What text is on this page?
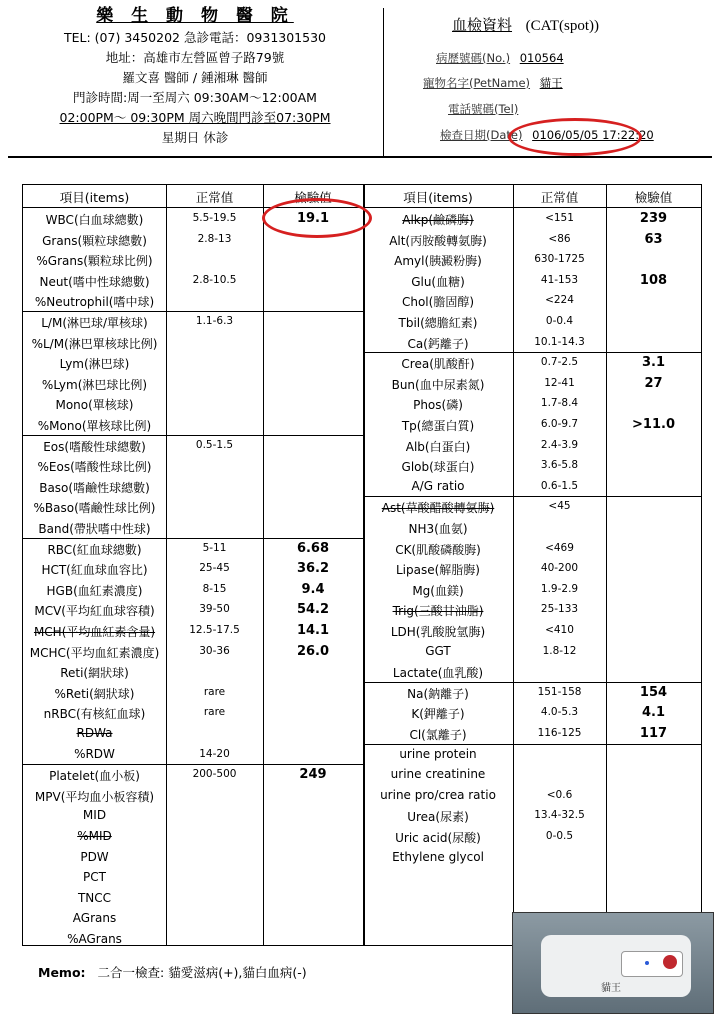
樂 生 動 物 醫 院
TEL: (07) 3450202 急診電話：0931301530
地址：高雄市左營區曾子路79號
羅文喜 醫師 / 鍾湘琳 醫師
門診時間:周一至周六 09:30AM～12:00AM
02:00PM～ 09:30PM 周六晚間門診至07:30PM
星期日 休診
血檢資料 (CAT(spot))
病歷號碼(No.) 010564
寵物名字(PetName) 貓王
電話號碼(Tel)
檢查日期(Date) 0106/05/05 17:22:20
項目(items)	正常值	檢驗值	項目(items)	正常值	檢驗值
WBC(白血球總數)	5.5-19.5	19.1
Grans(顆粒球總數)	2.8-13
%Grans(顆粒球比例)
Neut(嗜中性球總數)	2.8-10.5
%Neutrophil(嗜中球)
L/M(淋巴球/單核球)	1.1-6.3
%L/M(淋巴單核球比例)
Lym(淋巴球)
%Lym(淋巴球比例)
Mono(單核球)
%Mono(單核球比例)
Eos(嗜酸性球總數)	0.5-1.5
%Eos(嗜酸性球比例)
Baso(嗜鹼性球總數)
%Baso(嗜鹼性球比例)
Band(帶狀嗜中性球)
RBC(紅血球總數)	5-11	6.68
HCT(紅血球血容比)	25-45	36.2
HGB(血紅素濃度)	8-15	9.4
MCV(平均紅血球容積)	39-50	54.2
MCH(平均血紅素含量)	12.5-17.5	14.1
MCHC(平均血紅素濃度)	30-36	26.0
Reti(網狀球)
%Reti(網狀球)	rare
nRBC(有核紅血球)	rare
RDWa
%RDW	14-20
Platelet(血小板)	200-500	249
MPV(平均血小板容積)
MID
%MID
PDW
PCT
TNCC
AGrans
%AGrans
Alkp(鹼磷脢)	<151	239
Alt(丙胺酸轉氨脢)	<86	63
Amyl(胰澱粉脢)	630-1725
Glu(血糖)	41-153	108
Chol(膽固醇)	<224
Tbil(總膽紅素)	0-0.4
Ca(鈣離子)	10.1-14.3
Crea(肌酸酐)	0.7-2.5	3.1
Bun(血中尿素氮)	12-41	27
Phos(磷)	1.7-8.4
Tp(總蛋白質)	6.0-9.7	>11.0
Alb(白蛋白)	2.4-3.9
Glob(球蛋白)	3.6-5.8
A/G ratio	0.6-1.5
Ast(草酸醋酸轉氨脢)	<45
NH3(血氨)
CK(肌酸磷酸脢)	<469
Lipase(解脂脢)	40-200
Mg(血鎂)	1.9-2.9
Trig(三酸甘油脂)	25-133
LDH(乳酸脫氫脢)	<410
GGT	1.8-12
Lactate(血乳酸)
Na(鈉離子)	151-158	154
K(鉀離子)	4.0-5.3	4.1
Cl(氯離子)	116-125	117
urine protein
urine creatinine
urine pro/crea ratio	<0.6
Urea(尿素)	13.4-32.5
Uric acid(尿酸)	0-0.5
Ethylene glycol
Memo: 二合一檢查: 貓愛滋病(+),貓白血病(-)
貓王
